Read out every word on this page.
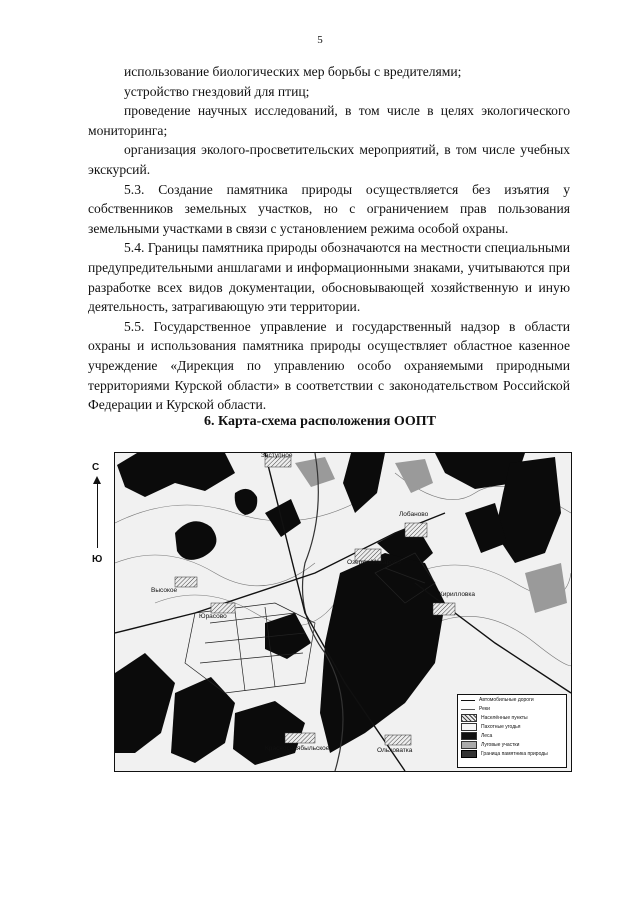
5

использование биологических мер борьбы с вредителями;

устройство гнездовий для птиц;

проведение научных исследований, в том числе в целях экологического мониторинга;

организация эколого-просветительских мероприятий, в том числе учебных экскурсий.

5.3. Создание памятника природы осуществляется без изъятия у собственников земельных участков, но с ограничением прав пользования земельными участками в связи с установлением режима особой охраны.

5.4. Границы памятника природы обозначаются на местности специальными предупредительными аншлагами и информационными знаками, учитываются при разработке всех видов документации, обосновывающей хозяйственную и иную деятельность, затрагивающую эти территории.

5.5. Государственное управление и государственный надзор в области охраны и использования памятника природы осуществляет областное казенное учреждение «Дирекция по управлению особо охраняемыми природными территориями Курской области» в соответствии с законодательством Российской Федерации и Курской области.

6. Карта-схема расположения ООПТ
С
Ю
Заступное
Лобаново
Озерки-Макарово
Высокое
Юрасово
Кирилловка
Красноселябыльское	Ольховатка
Автомобильные дороги
Реки
Населённые пункты
Пахотные угодья
Леса
Луговые участки
Граница памятника природы
